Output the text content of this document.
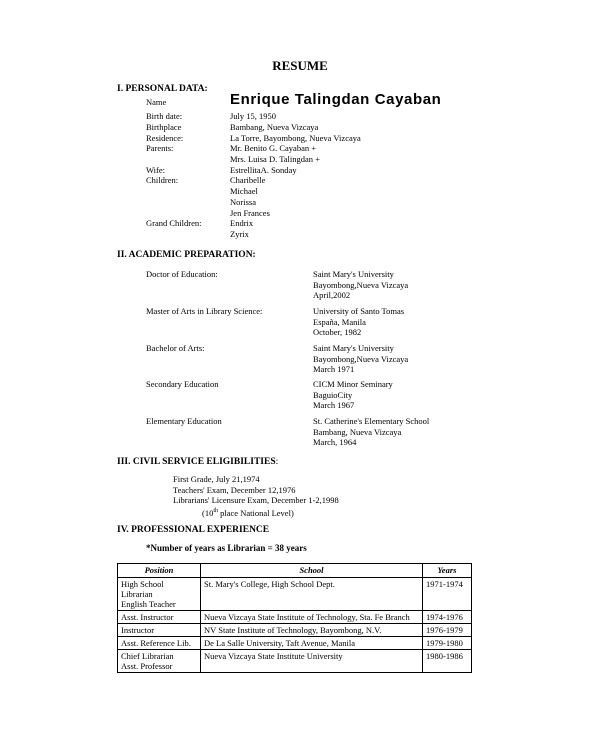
RESUME
I. PERSONAL DATA:
Name	Enrique Talingdan Cayaban
Birth date:	July 15, 1950
Birthplace	Bambang, Nueva Vizcaya
Residence:	La Torre, Bayombong, Nueva Vizcaya
Parents:	Mr. Benito G. Cayaban +
Mrs. Luisa D. Talingdan +
Wife:	EstrellitaA. Sonday
Children:	Charibelle
Michael
Norissa
Jen Frances
Grand Children:	Endrix
Zyrix
II. ACADEMIC PREPARATION:
Doctor of Education:	Saint Mary's University
Bayombong,Nueva Vizcaya
April,2002
Master of Arts in Library Science:	University of Santo Tomas
España, Manila
October, 1982
Bachelor of Arts:	Saint Mary's University
Bayombong,Nueva Vizcaya
March 1971
Secondary Education	CICM Minor Seminary
BaguioCity
March 1967
Elementary Education	St. Catherine's Elementary School
Bambang, Nueva Vizcaya
March, 1964
III. CIVIL SERVICE ELIGIBILITIES:
First Grade, July 21,1974
Teachers' Exam, December 12,1976
Librarians' Licensure Exam, December 1-2,1998
(10th place National Level)
IV. PROFESSIONAL EXPERIENCE
*Number of years as Librarian = 38 years
Position	School	Years

High School Librarian
English Teacher	St. Mary's College, High School Dept.	1971-1974

Asst. Instructor	Nueva Vizcaya State Institute of Technology, Sta. Fe Branch	1974-1976

Instructor	NV State Institute of Technology, Bayombong, N.V.	1976-1979

Asst. Reference Lib.	De La Salle University, Taft Avenue, Manila	1979-1980

Chief Librarian
Asst. Professor	Nueva Vizcaya State Institute University	1980-1986
